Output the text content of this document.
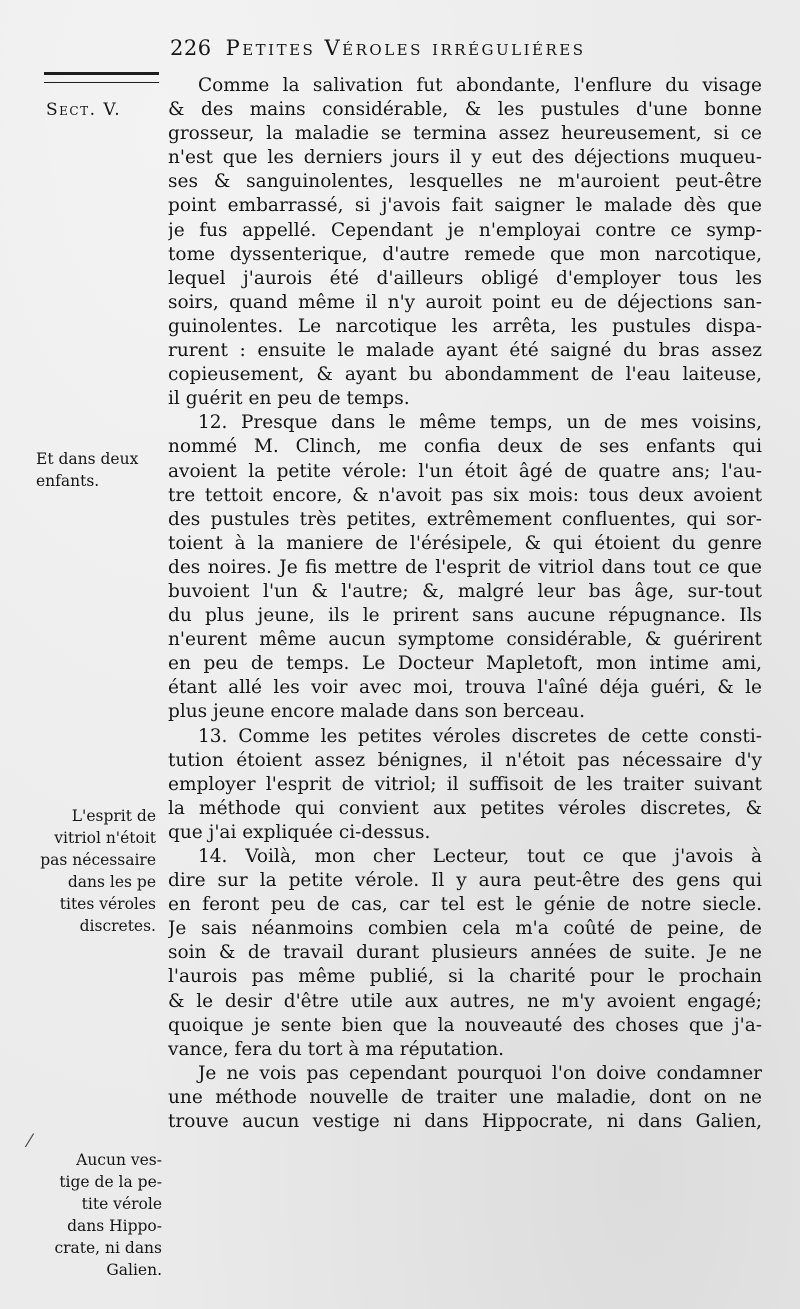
226 Petites Véroles irréguliéres
Sect. V.
Et dans deux
enfants.
L'esprit de
vitriol n'étoit
pas nécessaire
dans les pe
tites véroles
discretes.
⁄
Aucun ves-
tige de la pe-
tite vérole
dans Hippo-
crate, ni dans
Galien.
Comme la salivation fut abondante, l'enflure du visage
& des mains considérable, & les pustules d'une bonne
grosseur, la maladie se termina assez heureusement, si ce
n'est que les derniers jours il y eut des déjections muqueu-
ses & sanguinolentes, lesquelles ne m'auroient peut-être
point embarrassé, si j'avois fait saigner le malade dès que
je fus appellé. Cependant je n'employai contre ce symp-
tome dyssenterique, d'autre remede que mon narcotique,
lequel j'aurois été d'ailleurs obligé d'employer tous les
soirs, quand même il n'y auroit point eu de déjections san-
guinolentes. Le narcotique les arrêta, les pustules dispa-
rurent : ensuite le malade ayant été saigné du bras assez
copieusement, & ayant bu abondamment de l'eau laiteuse,
il guérit en peu de temps.
12. Presque dans le même temps, un de mes voisins,
nommé M. Clinch, me confia deux de ses enfants qui
avoient la petite vérole: l'un étoit âgé de quatre ans; l'au-
tre tettoit encore, & n'avoit pas six mois: tous deux avoient
des pustules très petites, extrêmement confluentes, qui sor-
toient à la maniere de l'érésipele, & qui étoient du genre
des noires. Je fis mettre de l'esprit de vitriol dans tout ce que
buvoient l'un & l'autre; &, malgré leur bas âge, sur-tout
du plus jeune, ils le prirent sans aucune répugnance. Ils
n'eurent même aucun symptome considérable, & guérirent
en peu de temps. Le Docteur Mapletoft, mon intime ami,
étant allé les voir avec moi, trouva l'aîné déja guéri, & le
plus jeune encore malade dans son berceau.
13. Comme les petites véroles discretes de cette consti-
tution étoient assez bénignes, il n'étoit pas nécessaire d'y
employer l'esprit de vitriol; il suffisoit de les traiter suivant
la méthode qui convient aux petites véroles discretes, &
que j'ai expliquée ci-dessus.
14. Voilà, mon cher Lecteur, tout ce que j'avois à
dire sur la petite vérole. Il y aura peut-être des gens qui
en feront peu de cas, car tel est le génie de notre siecle.
Je sais néanmoins combien cela m'a coûté de peine, de
soin & de travail durant plusieurs années de suite. Je ne
l'aurois pas même publié, si la charité pour le prochain
& le desir d'être utile aux autres, ne m'y avoient engagé;
quoique je sente bien que la nouveauté des choses que j'a-
vance, fera du tort à ma réputation.
Je ne vois pas cependant pourquoi l'on doive condamner
une méthode nouvelle de traiter une maladie, dont on ne
trouve aucun vestige ni dans Hippocrate, ni dans Galien,
